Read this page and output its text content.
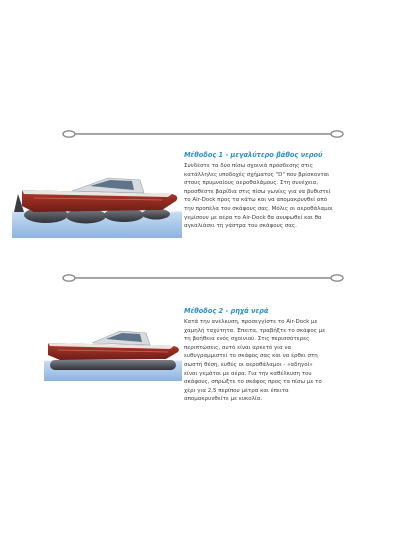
Μέθοδος 1 - μεγαλύτερο βάθος νερού
Συνδέστε τα δύο πίσω σχοινιά πρόσδεσης στις
κατάλληλες υποδοχές σχήματος "D" που βρίσκονται
στους πρυμναίους αεροθαλάμους. Στη συνέχεια,
προσθέστε βαρίδια στις πίσω γωνίες για να βυθιστεί
το Air-Dock προς τα κάτω και να απομακρυνθεί από
την προπέλα του σκάφους σας. Μόλις οι αεροθάλαμοι
γεμίσουν με αέρα το Air-Dock θα ανυψωθεί και θα
αγκαλιάσει τη γάστρα του σκάφους σας.
Μέθοδος 2 - ρηχά νερά
Κατά την ανέλκυση, προσεγγίστε το Air-Dock με
χαμηλή ταχύτητα. Έπειτα, τραβήξτε το σκάφος με
τη βοήθεια ενός σχοινιού. Στις περισσότερες
περιπτώσεις, αυτό είναι αρκετό για να
ευθυγραμμιστεί το σκάφος σας και να έρθει στη
σωστή θέση, ευθύς οι αεροθάλαμοι - «αδηγοί»
είναι γεμάτοι με αέρα. Για την καθέλκυση του
σκάφους, σπρώξτε το σκάφος προς τα πίσω με το
χέρι για 2,5 περίπου μέτρα και έπειτα
απομακρυνθείτε με ευκολία.
